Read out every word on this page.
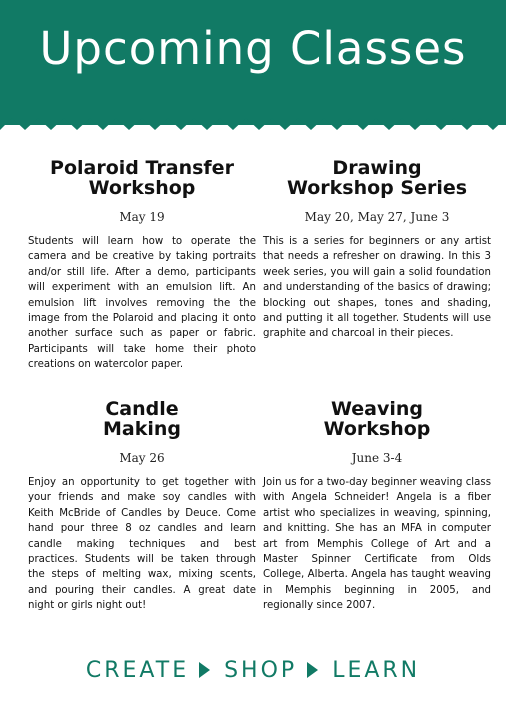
Upcoming Classes
Polaroid Transfer
Workshop
May 19

Students will learn how to operate the camera and be creative by taking portraits and/or still life. After a demo, participants will experiment with an emulsion lift. An emulsion lift involves removing the the image from the Polaroid and placing it onto another surface such as paper or fabric. Participants will take home their photo creations on watercolor paper.

Drawing
Workshop Series
May 20, May 27, June 3

This is a series for beginners or any artist that needs a refresher on drawing. In this 3 week series, you will gain a solid foundation and understanding of the basics of drawing; blocking out shapes, tones and shading, and putting it all together. Students will use graphite and charcoal in their pieces.

Candle
Making
May 26

Enjoy an opportunity to get together with your friends and make soy candles with Keith McBride of Candles by Deuce. Come hand pour three 8 oz candles and learn candle making techniques and best practices. Students will be taken through the steps of melting wax, mixing scents, and pouring their candles. A great date night or girls night out!

Weaving
Workshop
June 3-4

Join us for a two-day beginner weaving class with Angela Schneider! Angela is a fiber artist who specializes in weaving, spinning, and knitting. She has an MFA in computer art from Memphis College of Art and a Master Spinner Certificate from Olds College, Alberta. Angela has taught weaving in Memphis beginning in 2005, and regionally since 2007.

CREATE SHOP LEARN
